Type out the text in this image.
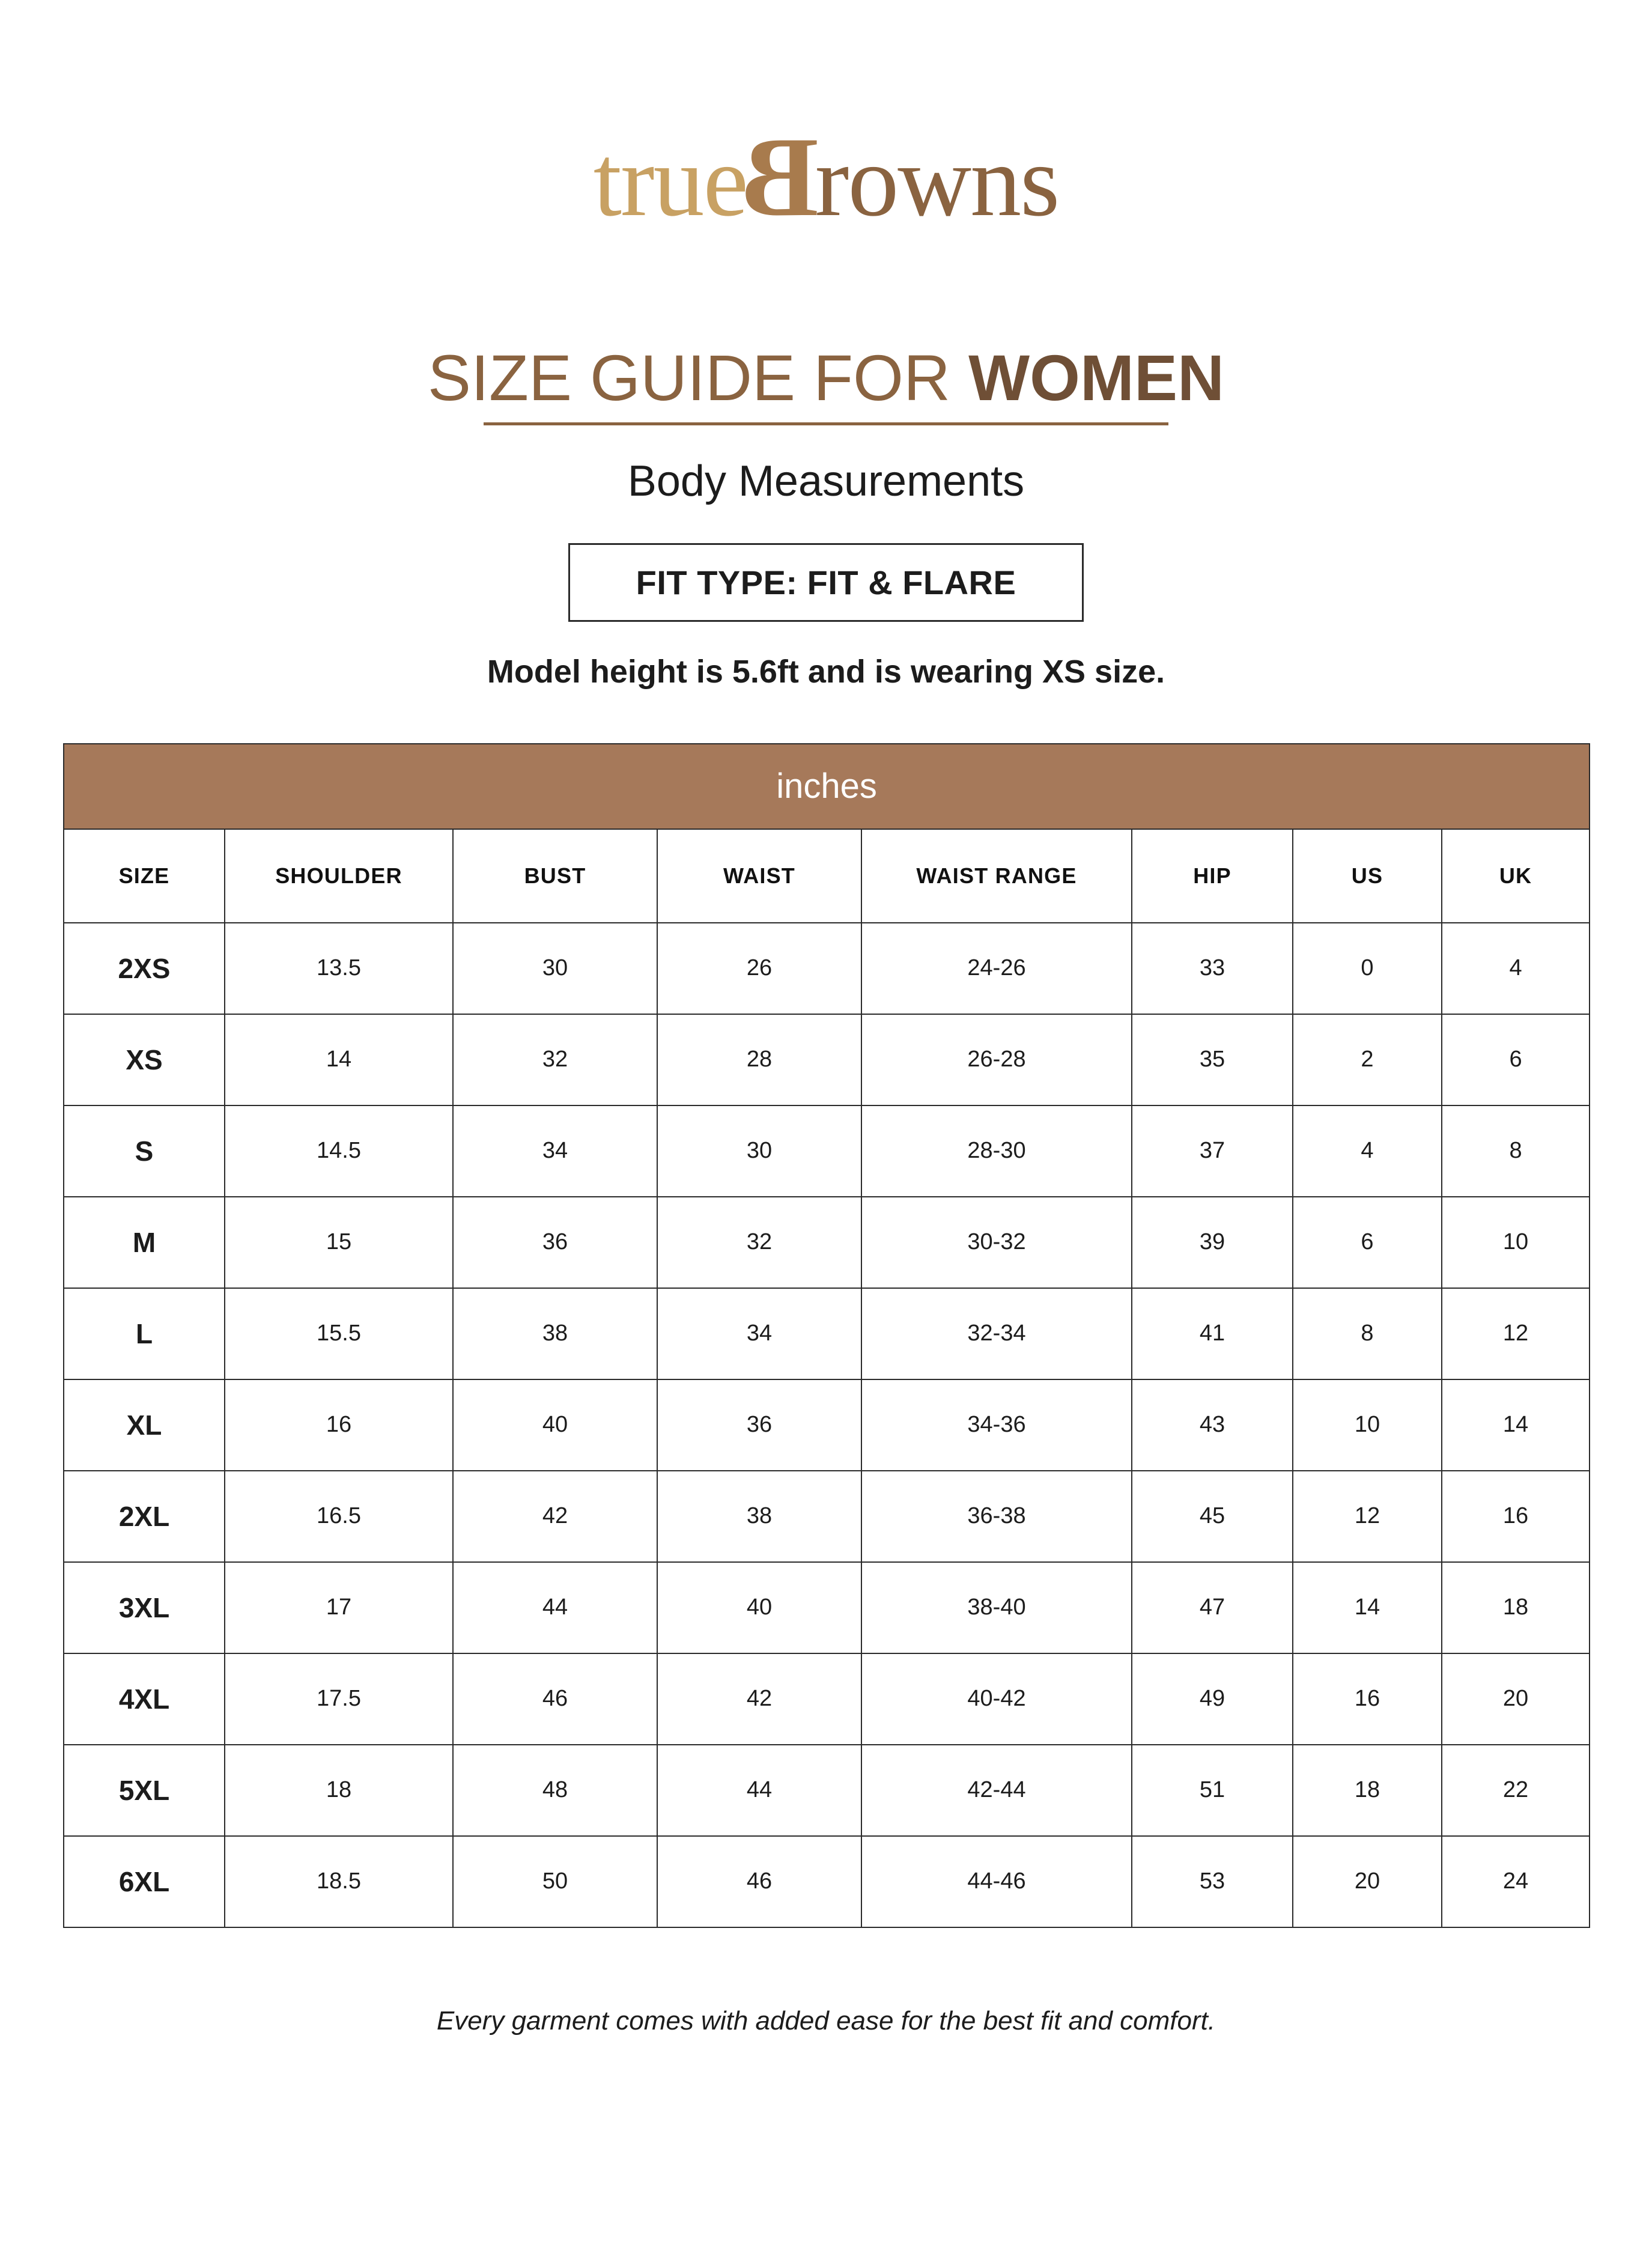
true
B
rowns
SIZE GUIDE FOR WOMEN
Body Measurements
FIT TYPE: FIT & FLARE
Model height is 5.6ft and is wearing XS size.
inches							
SIZE	SHOULDER	BUST	WAIST	WAIST RANGE	HIP	US	UK
2XS	13.5	30	26	24-26	33	0	4
XS	14	32	28	26-28	35	2	6
S	14.5	34	30	28-30	37	4	8
M	15	36	32	30-32	39	6	10
L	15.5	38	34	32-34	41	8	12
XL	16	40	36	34-36	43	10	14
2XL	16.5	42	38	36-38	45	12	16
3XL	17	44	40	38-40	47	14	18
4XL	17.5	46	42	40-42	49	16	20
5XL	18	48	44	42-44	51	18	22
6XL	18.5	50	46	44-46	53	20	24
Every garment comes with added ease for the best fit and comfort.
